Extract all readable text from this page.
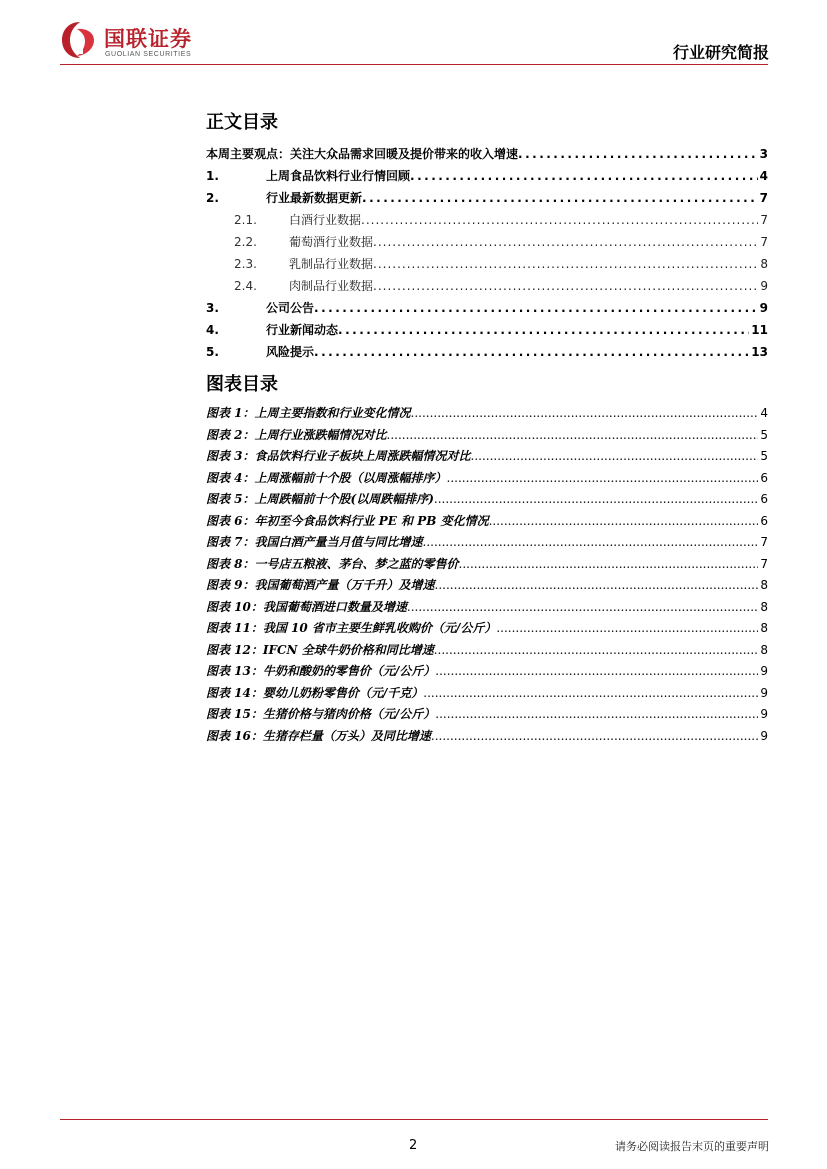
国联证券
GUOLIAN SECURITIES	行业研究简报
正文目录
本周主要观点：关注大众品需求回暖及提价带来的收入增速 .....	3
1.	上周食品饮料行业行情回顾 .....	4
2.	行业最新数据更新 .....	7
2.1.	白酒行业数据 .....	7
2.2.	葡萄酒行业数据 .....	7
2.3.	乳制品行业数据 .....	8
2.4.	肉制品行业数据 .....	9
3.	公司公告 .....	9
4.	行业新闻动态 .....	11
5.	风险提示 .....	13
图表目录
图表 1：上周主要指数和行业变化情况 .....	4
图表 2：上周行业涨跌幅情况对比 .....	5
图表 3：食品饮料行业子板块上周涨跌幅情况对比 .....	5
图表 4：上周涨幅前十个股（以周涨幅排序） .....	6
图表 5：上周跌幅前十个股(以周跌幅排序) .....	6
图表 6：年初至今食品饮料行业 PE 和 PB 变化情况 .....	6
图表 7：我国白酒产量当月值与同比增速 .....	7
图表 8：一号店五粮液、茅台、梦之蓝的零售价 .....	7
图表 9：我国葡萄酒产量（万千升）及增速 .....	8
图表 10：我国葡萄酒进口数量及增速 .....	8
图表 11：我国 10 省市主要生鲜乳收购价（元/公斤） .....	8
图表 12：IFCN 全球牛奶价格和同比增速 .....	8
图表 13：牛奶和酸奶的零售价（元/公斤） .....	9
图表 14：婴幼儿奶粉零售价（元/千克） .....	9
图表 15：生猪价格与猪肉价格（元/公斤） .....	9
图表 16：生猪存栏量（万头）及同比增速 .....	9
2	请务必阅读报告末页的重要声明
